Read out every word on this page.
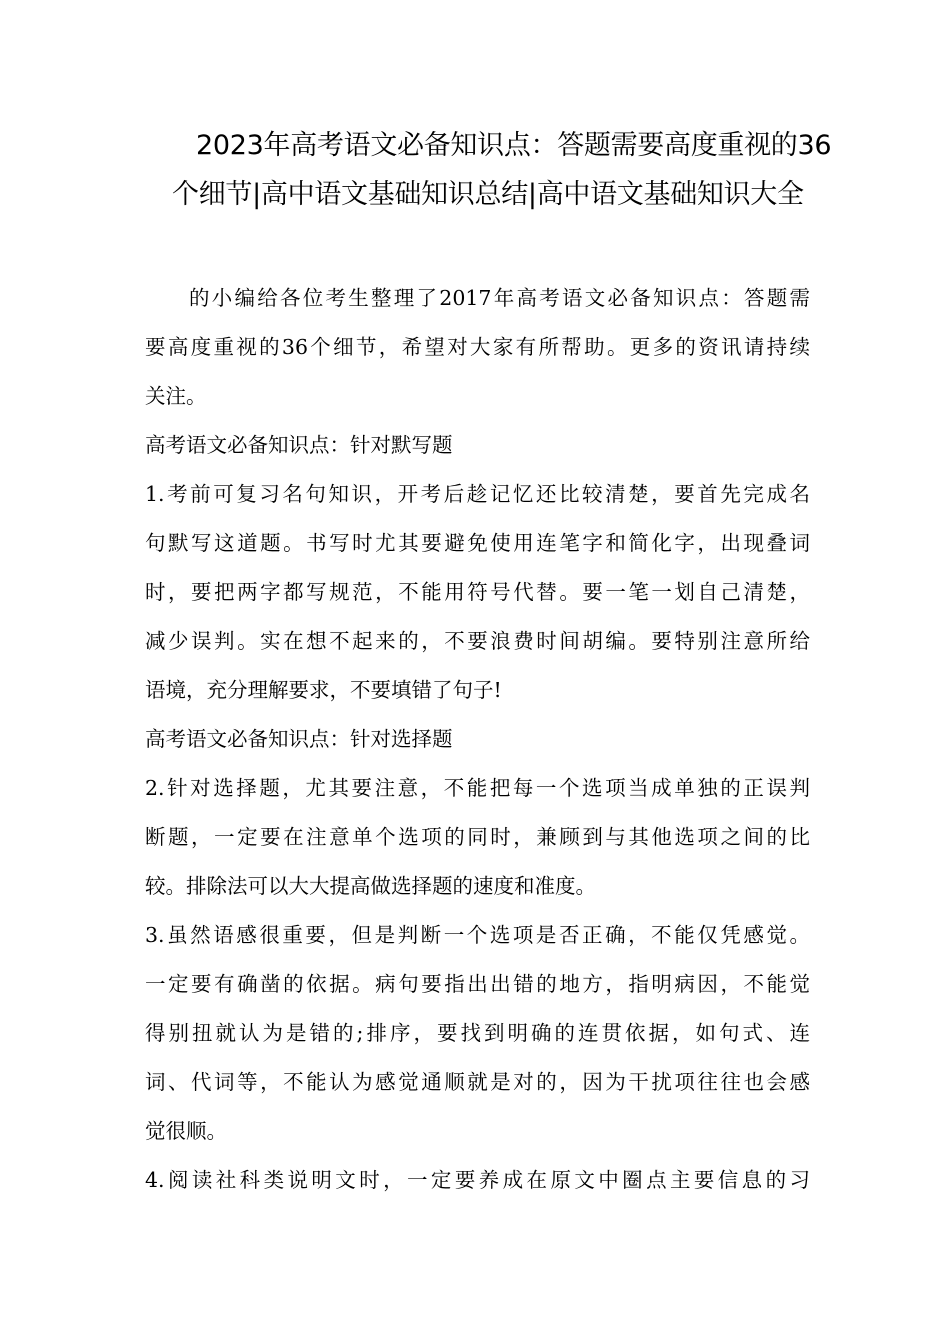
2023年高考语文必备知识点：答题需要高度重视的36
个细节|高中语文基础知识总结|高中语文基础知识大全
的小编给各位考生整理了2017年高考语文必备知识点：答题需
要高度重视的36个细节，希望对大家有所帮助。更多的资讯请持续
关注。
高考语文必备知识点：针对默写题
1.考前可复习名句知识，开考后趁记忆还比较清楚，要首先完成名
句默写这道题。书写时尤其要避免使用连笔字和简化字，出现叠词
时，要把两字都写规范，不能用符号代替。要一笔一划自己清楚，
减少误判。实在想不起来的，不要浪费时间胡编。要特别注意所给
语境，充分理解要求，不要填错了句子!
高考语文必备知识点：针对选择题
2.针对选择题，尤其要注意，不能把每一个选项当成单独的正误判
断题，一定要在注意单个选项的同时，兼顾到与其他选项之间的比
较。排除法可以大大提高做选择题的速度和准度。
3.虽然语感很重要，但是判断一个选项是否正确，不能仅凭感觉。
一定要有确凿的依据。病句要指出出错的地方，指明病因，不能觉
得别扭就认为是错的;排序，要找到明确的连贯依据，如句式、连
词、代词等，不能认为感觉通顺就是对的，因为干扰项往往也会感
觉很顺。
4.阅读社科类说明文时，一定要养成在原文中圈点主要信息的习
